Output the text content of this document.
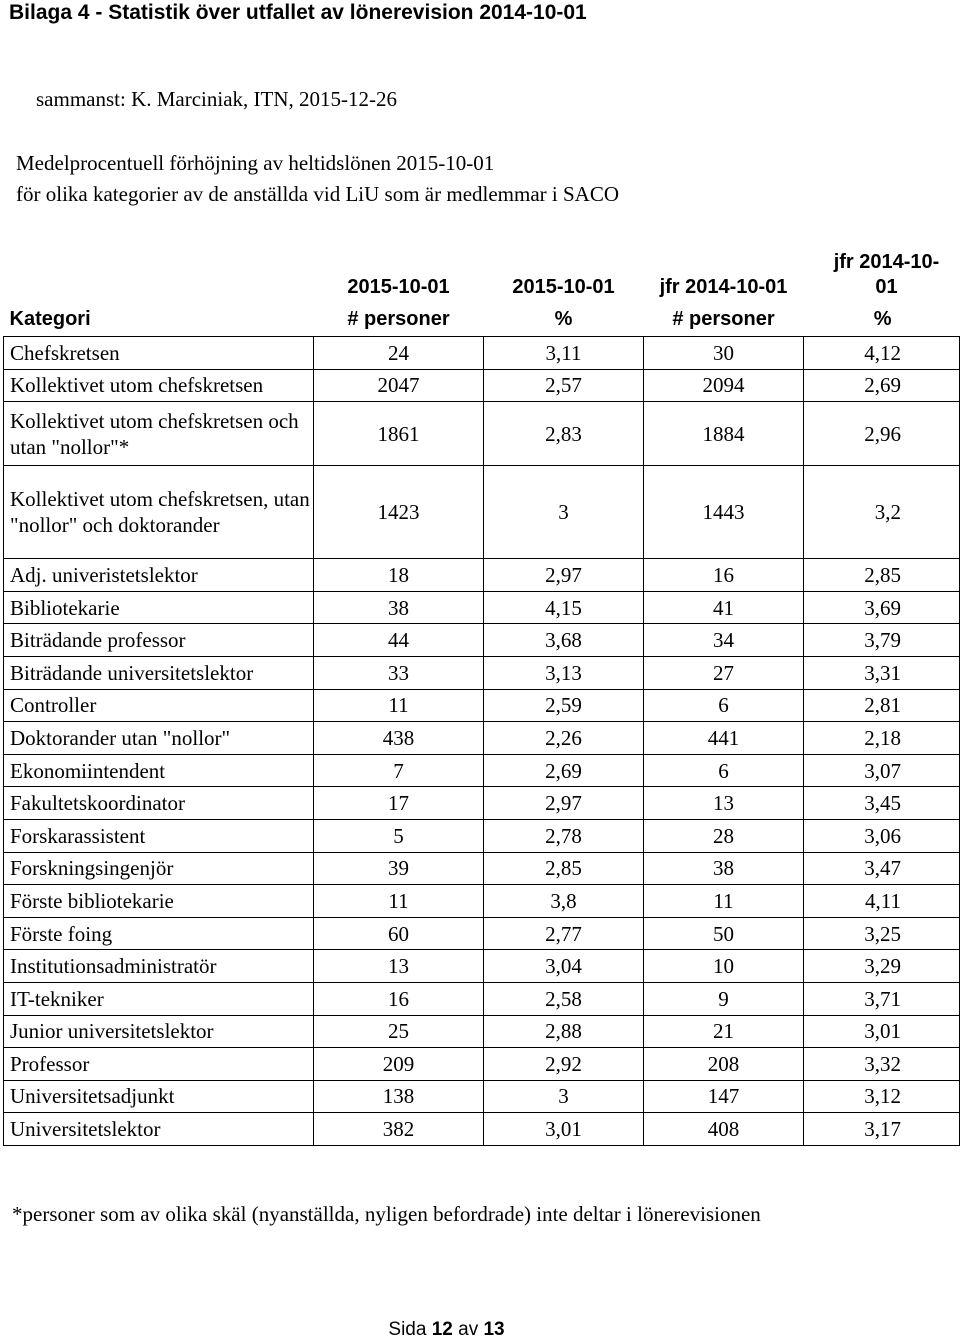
Bilaga 4 - Statistik över utfallet av lönerevision 2014-10-01
sammanst: K. Marciniak, ITN, 2015-12-26
Medelprocentuell förhöjning av heltidslönen 2015-10-01
för olika kategorier av de anställda vid LiU som är medlemmar i SACO
	2015-10-01	2015-10-01	jfr 2014-10-01	jfr 2014-10-01
Kategori	# personer	%	# personer	%
Chefskretsen	24	3,11	30	4,12
Kollektivet utom chefskretsen	2047	2,57	2094	2,69
Kollektivet utom chefskretsen och utan "nollor"*	1861	2,83	1884	2,96
Kollektivet utom chefskretsen, utan "nollor" och doktorander	1423	3	1443	3,2
Adj. univeristetslektor	18	2,97	16	2,85
Bibliotekarie	38	4,15	41	3,69
Biträdande professor	44	3,68	34	3,79
Biträdande universitetslektor	33	3,13	27	3,31
Controller	11	2,59	6	2,81
Doktorander utan "nollor"	438	2,26	441	2,18
Ekonomiintendent	7	2,69	6	3,07
Fakultetskoordinator	17	2,97	13	3,45
Forskarassistent	5	2,78	28	3,06
Forskningsingenjör	39	2,85	38	3,47
Förste bibliotekarie	11	3,8	11	4,11
Förste foing	60	2,77	50	3,25
Institutionsadministratör	13	3,04	10	3,29
IT-tekniker	16	2,58	9	3,71
Junior universitetslektor	25	2,88	21	3,01
Professor	209	2,92	208	3,32
Universitetsadjunkt	138	3	147	3,12
Universitetslektor	382	3,01	408	3,17
*personer som av olika skäl (nyanställda, nyligen befordrade) inte deltar i lönerevisionen
Sida 12 av 13
